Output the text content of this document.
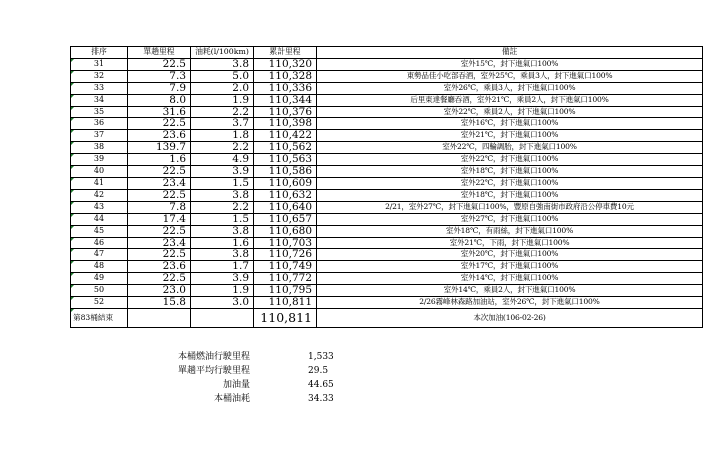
排序	單趟里程	油耗(l/100km)	累計里程	備註
31	22.5	3.8	110,320	室外15℃，封下進氣口100%
32	7.3	5.0	110,328	東勢品佳小吃部吞酒，室外25℃，乘員3人，封下進氣口100%
33	7.9	2.0	110,336	室外26℃，乘員3人，封下進氣口100%
34	8.0	1.9	110,344	后里東達餐廳吞酒，室外21℃，乘員2人，封下進氣口100%
35	31.6	2.2	110,376	室外22℃，乘員2人，封下進氣口100%
36	22.5	3.7	110,398	室外16℃，封下進氣口100%
37	23.6	1.8	110,422	室外21℃，封下進氣口100%
38	139.7	2.2	110,562	室外22℃，四輪調胎，封下進氣口100%
39	1.6	4.9	110,563	室外22℃，封下進氣口100%
40	22.5	3.9	110,586	室外18℃，封下進氣口100%
41	23.4	1.5	110,609	室外22℃，封下進氣口100%
42	22.5	3.8	110,632	室外18℃，封下進氣口100%
43	7.8	2.2	110,640	2/21，室外27℃，封下進氣口100%，豐原自強南街市政府沿公停車費10元
44	17.4	1.5	110,657	室外27℃，封下進氣口100%
45	22.5	3.8	110,680	室外18℃，有雨絲，封下進氣口100%
46	23.4	1.6	110,703	室外21℃，下雨，封下進氣口100%
47	22.5	3.8	110,726	室外20℃，封下進氣口100%
48	23.6	1.7	110,749	室外17℃，封下進氣口100%
49	22.5	3.9	110,772	室外14℃，封下進氣口100%
50	23.0	1.9	110,795	室外14℃，乘員2人，封下進氣口100%
52	15.8	3.0	110,811	2/26霧峰林森路加油站，室外26℃，封下進氣口100%
第83桶結束			110,811	本次加油(106-02-26)
本桶燃油行駛里程	1,533
單趟平均行駛里程	29.5
加油量	44.65
本桶油耗	34.33
